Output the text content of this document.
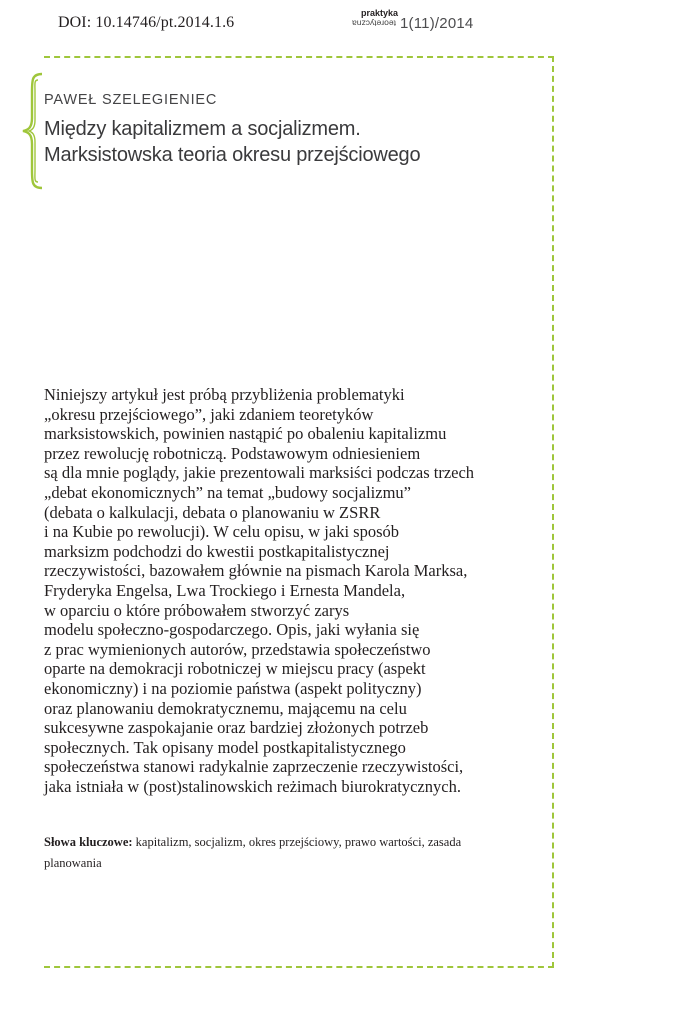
DOI: 10.14746/pt.2014.1.6
praktyka
teoretyczna 1(11)/2014
PAWEŁ SZELEGIENIEC
Między kapitalizmem a socjalizmem.
Marksistowska teoria okresu przejściowego
Niniejszy artykuł jest próbą przybliżenia problematyki
„okresu przejściowego”, jaki zdaniem teoretyków
marksistowskich, powinien nastąpić po obaleniu kapitalizmu
przez rewolucję robotniczą. Podstawowym odniesieniem
są dla mnie poglądy, jakie prezentowali marksiści podczas trzech
„debat ekonomicznych” na temat „budowy socjalizmu”
(debata o kalkulacji, debata o planowaniu w ZSRR
i na Kubie po rewolucji). W celu opisu, w jaki sposób
marksizm podchodzi do kwestii postkapitalistycznej
rzeczywistości, bazowałem głównie na pismach Karola Marksa,
Fryderyka Engelsa, Lwa Trockiego i Ernesta Mandela,
w oparciu o które próbowałem stworzyć zarys
modelu społeczno-gospodarczego. Opis, jaki wyłania się
z prac wymienionych autorów, przedstawia społeczeństwo
oparte na demokracji robotniczej w miejscu pracy (aspekt
ekonomiczny) i na poziomie państwa (aspekt polityczny)
oraz planowaniu demokratycznemu, mającemu na celu
sukcesywne zaspokajanie oraz bardziej złożonych potrzeb
społecznych. Tak opisany model postkapitalistycznego
społeczeństwa stanowi radykalnie zaprzeczenie rzeczywistości,
jaka istniała w (post)stalinowskich reżimach biurokratycznych.
Słowa kluczowe: kapitalizm, socjalizm, okres przejściowy, prawo wartości, zasada planowania
